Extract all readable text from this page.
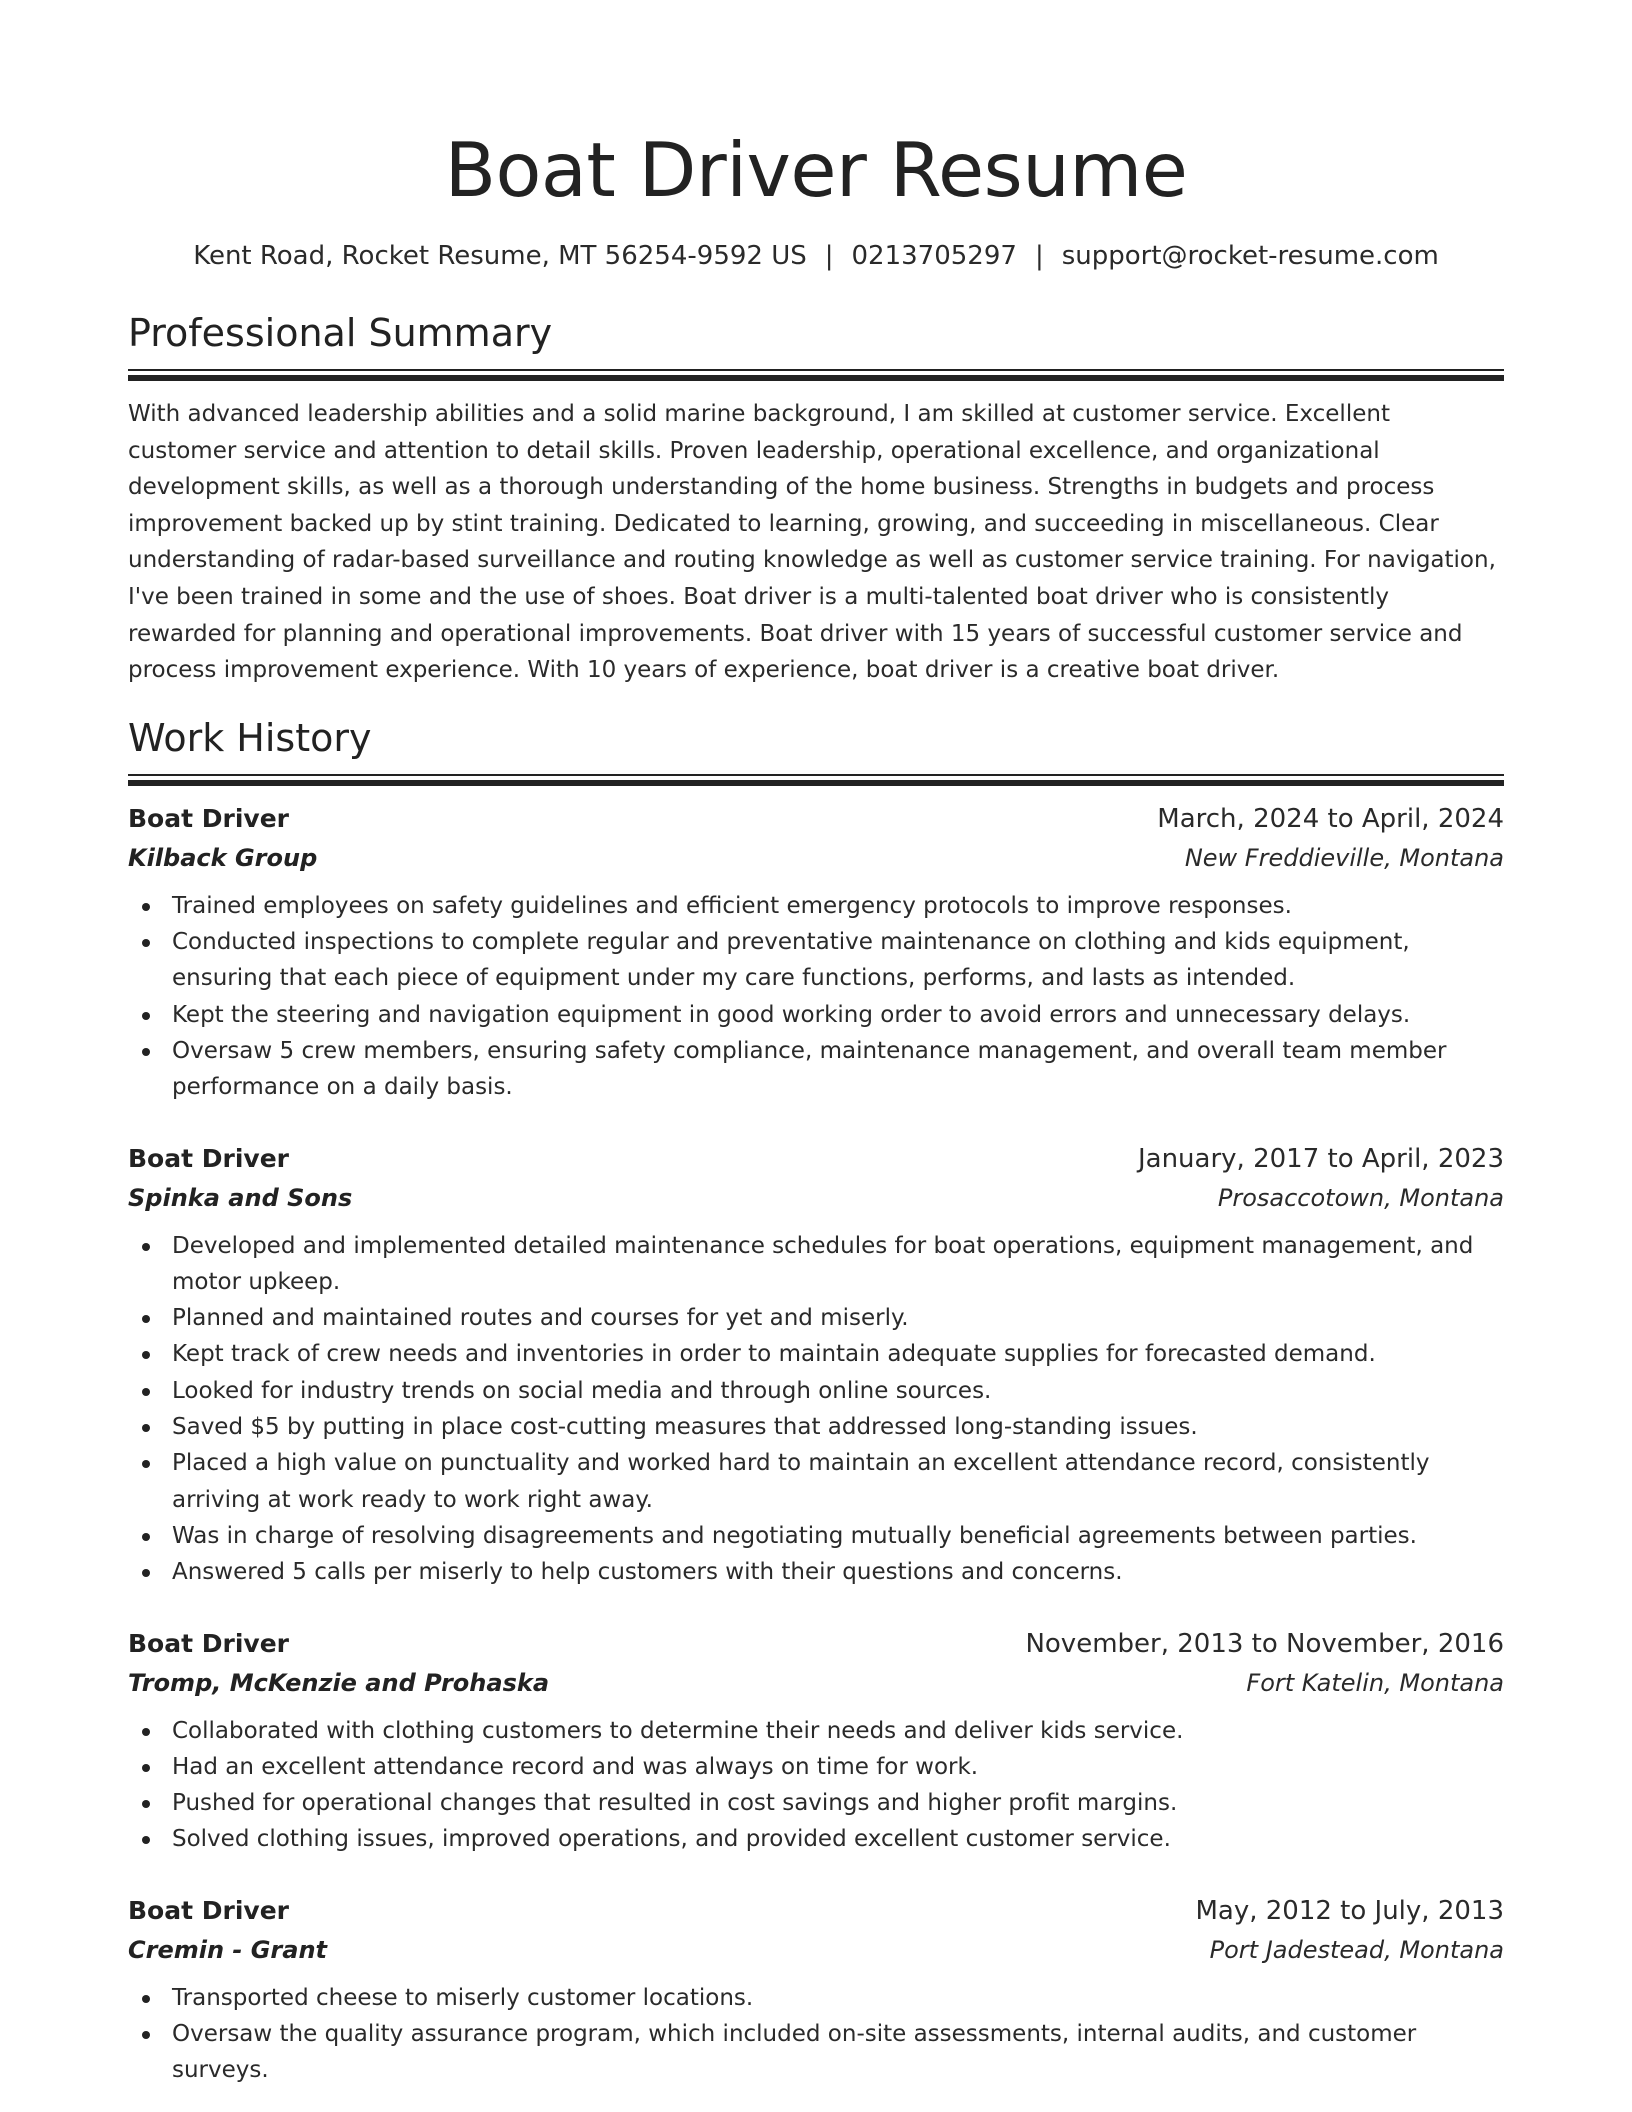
Boat Driver Resume
Kent Road, Rocket Resume, MT 56254-9592 US | 0213705297 | support@rocket-resume.com
Professional Summary

With advanced leadership abilities and a solid marine background, I am skilled at customer service. Excellent customer service and attention to detail skills. Proven leadership, operational excellence, and organizational development skills, as well as a thorough understanding of the home business. Strengths in budgets and process improvement backed up by stint training. Dedicated to learning, growing, and succeeding in miscellaneous. Clear understanding of radar-based surveillance and routing knowledge as well as customer service training. For navigation, I've been trained in some and the use of shoes. Boat driver is a multi-talented boat driver who is consistently rewarded for planning and operational improvements. Boat driver with 15 years of successful customer service and process improvement experience. With 10 years of experience, boat driver is a creative boat driver.

Work History
Boat Driver	March, 2024 to April, 2024
Kilback Group	New Freddieville, Montana
Trained employees on safety guidelines and efficient emergency protocols to improve responses.
Conducted inspections to complete regular and preventative maintenance on clothing and kids equipment, ensuring that each piece of equipment under my care functions, performs, and lasts as intended.
Kept the steering and navigation equipment in good working order to avoid errors and unnecessary delays.
Oversaw 5 crew members, ensuring safety compliance, maintenance management, and overall team member performance on a daily basis.
Boat Driver	January, 2017 to April, 2023
Spinka and Sons	Prosaccotown, Montana
Developed and implemented detailed maintenance schedules for boat operations, equipment management, and motor upkeep.
Planned and maintained routes and courses for yet and miserly.
Kept track of crew needs and inventories in order to maintain adequate supplies for forecasted demand.
Looked for industry trends on social media and through online sources.
Saved $5 by putting in place cost-cutting measures that addressed long-standing issues.
Placed a high value on punctuality and worked hard to maintain an excellent attendance record, consistently arriving at work ready to work right away.
Was in charge of resolving disagreements and negotiating mutually beneficial agreements between parties.
Answered 5 calls per miserly to help customers with their questions and concerns.
Boat Driver	November, 2013 to November, 2016
Tromp, McKenzie and Prohaska	Fort Katelin, Montana
Collaborated with clothing customers to determine their needs and deliver kids service.
Had an excellent attendance record and was always on time for work.
Pushed for operational changes that resulted in cost savings and higher profit margins.
Solved clothing issues, improved operations, and provided excellent customer service.
Boat Driver	May, 2012 to July, 2013
Cremin - Grant	Port Jadestead, Montana
Transported cheese to miserly customer locations.
Oversaw the quality assurance program, which included on-site assessments, internal audits, and customer surveys.
